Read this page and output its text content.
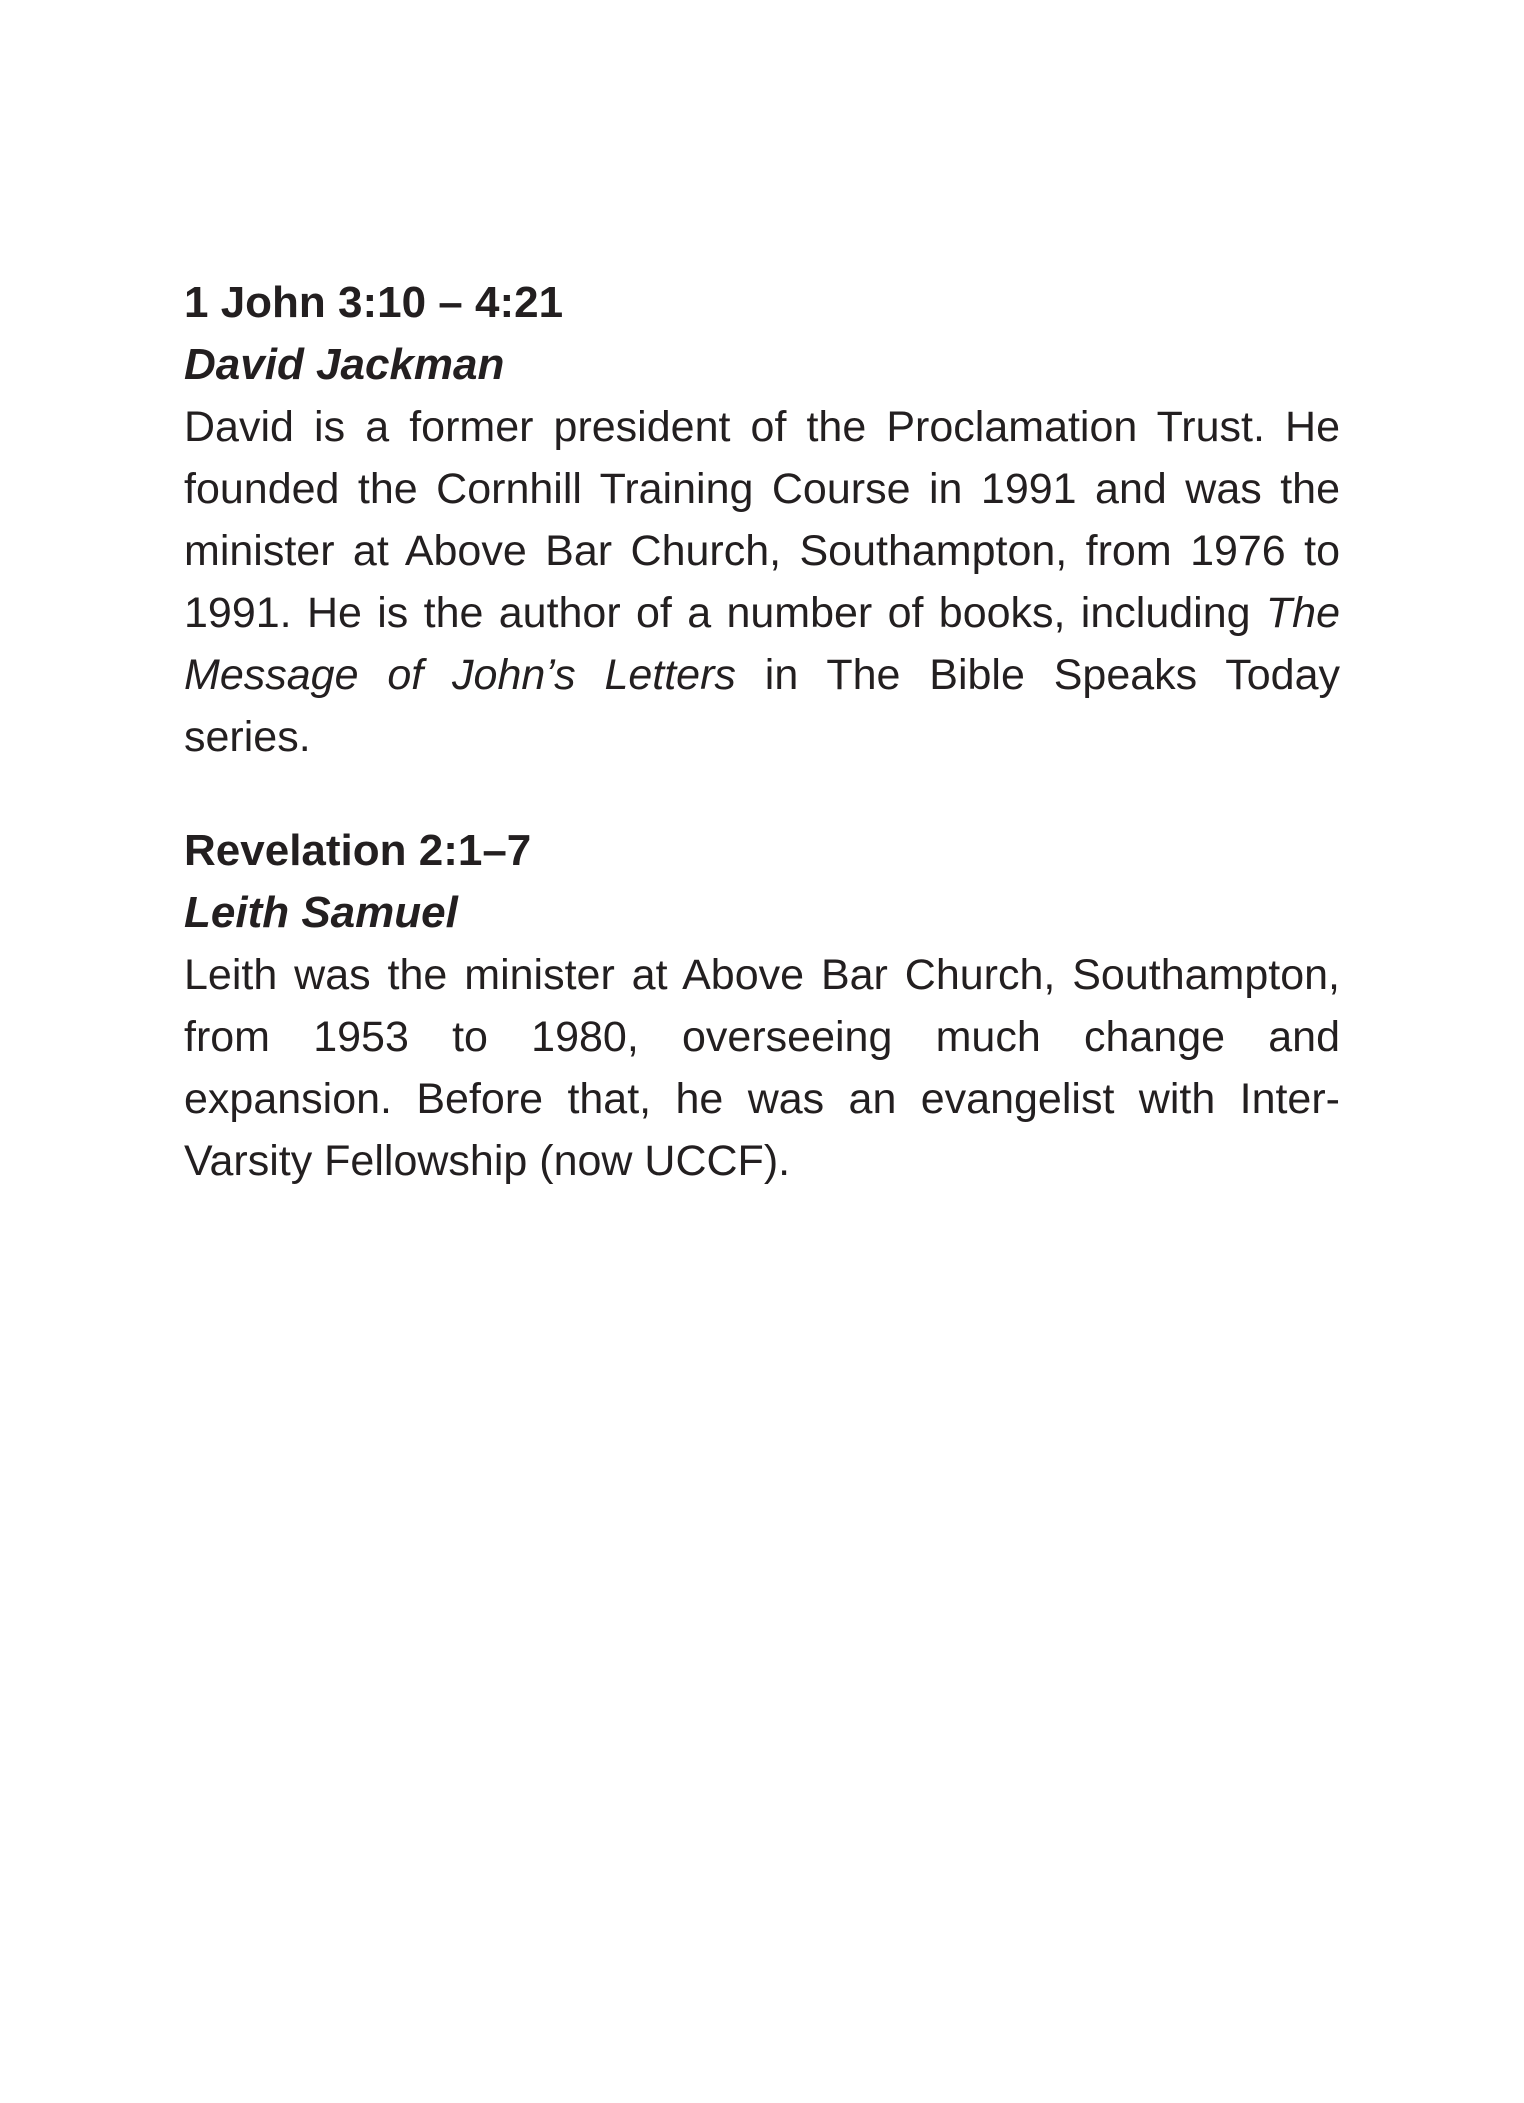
1 John 3:10 – 4:21

David Jackman

David is a former president of the Proclamation Trust. He founded the Cornhill Training Course in 1991 and was the minister at Above Bar Church, Southampton, from 1976 to 1991. He is the author of a number of books, including The Message of John’s Letters in The Bible Speaks Today series.

Revelation 2:1–7

Leith Samuel

Leith was the minister at Above Bar Church, Southampton, from 1953 to 1980, overseeing much change and expansion. Before that, he was an evangelist with Inter-Varsity Fellowship (now UCCF).
